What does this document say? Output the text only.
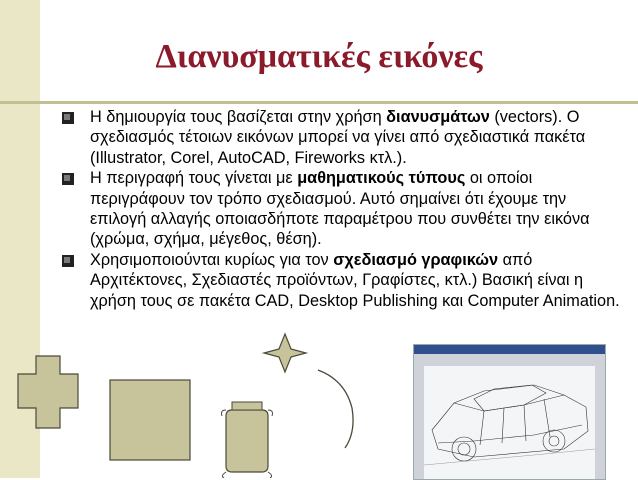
Διανυσματικές εικόνες
Η δημιουργία τους βασίζεται στην χρήση διανυσμάτων (vectors). Ο σχεδιασμός τέτοιων εικόνων μπορεί να γίνει από σχεδιαστικά πακέτα (Illustrator, Corel, AutoCAD, Fireworks κτλ.).
Η περιγραφή τους γίνεται με μαθηματικούς τύπους οι οποίοι περιγράφουν τον τρόπο σχεδιασμού. Αυτό σημαίνει ότι έχουμε την επιλογή αλλαγής οποιασδήποτε παραμέτρου που συνθέτει την εικόνα (χρώμα, σχήμα, μέγεθος, θέση).
Χρησιμοποιούνται κυρίως για τον σχεδιασμό γραφικών από Αρχιτέκτονες, Σχεδιαστές προϊόντων, Γραφίστες, κτλ.) Βασική είναι η χρήση τους σε πακέτα CAD, Desktop Publishing και Computer Animation.
